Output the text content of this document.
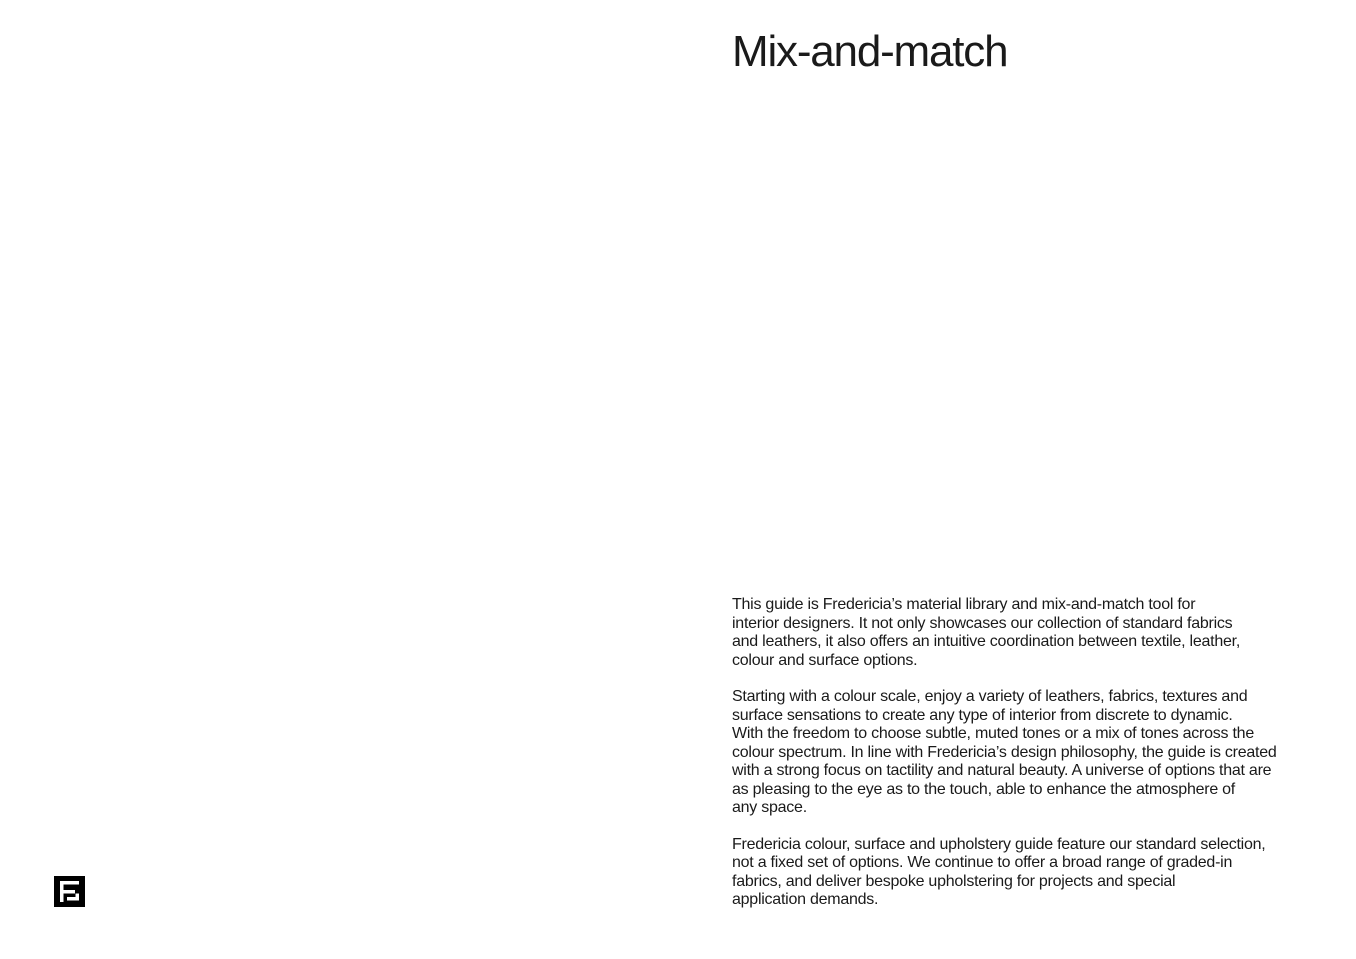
Mix-and-match

This guide is Fredericia’s material library and mix-and-match tool for
interior designers. It not only showcases our collection of standard fabrics
and leathers, it also offers an intuitive coordination between textile, leather,
colour and surface options.

Starting with a colour scale, enjoy a variety of leathers, fabrics, textures and
surface sensations to create any type of interior from discrete to dynamic.
With the freedom to choose subtle, muted tones or a mix of tones across the
colour spectrum. In line with Fredericia’s design philosophy, the guide is created
with a strong focus on tactility and natural beauty. A universe of options that are
as pleasing to the eye as to the touch, able to enhance the atmosphere of
any space.

Fredericia colour, surface and upholstery guide feature our standard selection,
not a fixed set of options. We continue to offer a broad range of graded-in
fabrics, and deliver bespoke upholstering for projects and special
application demands.
